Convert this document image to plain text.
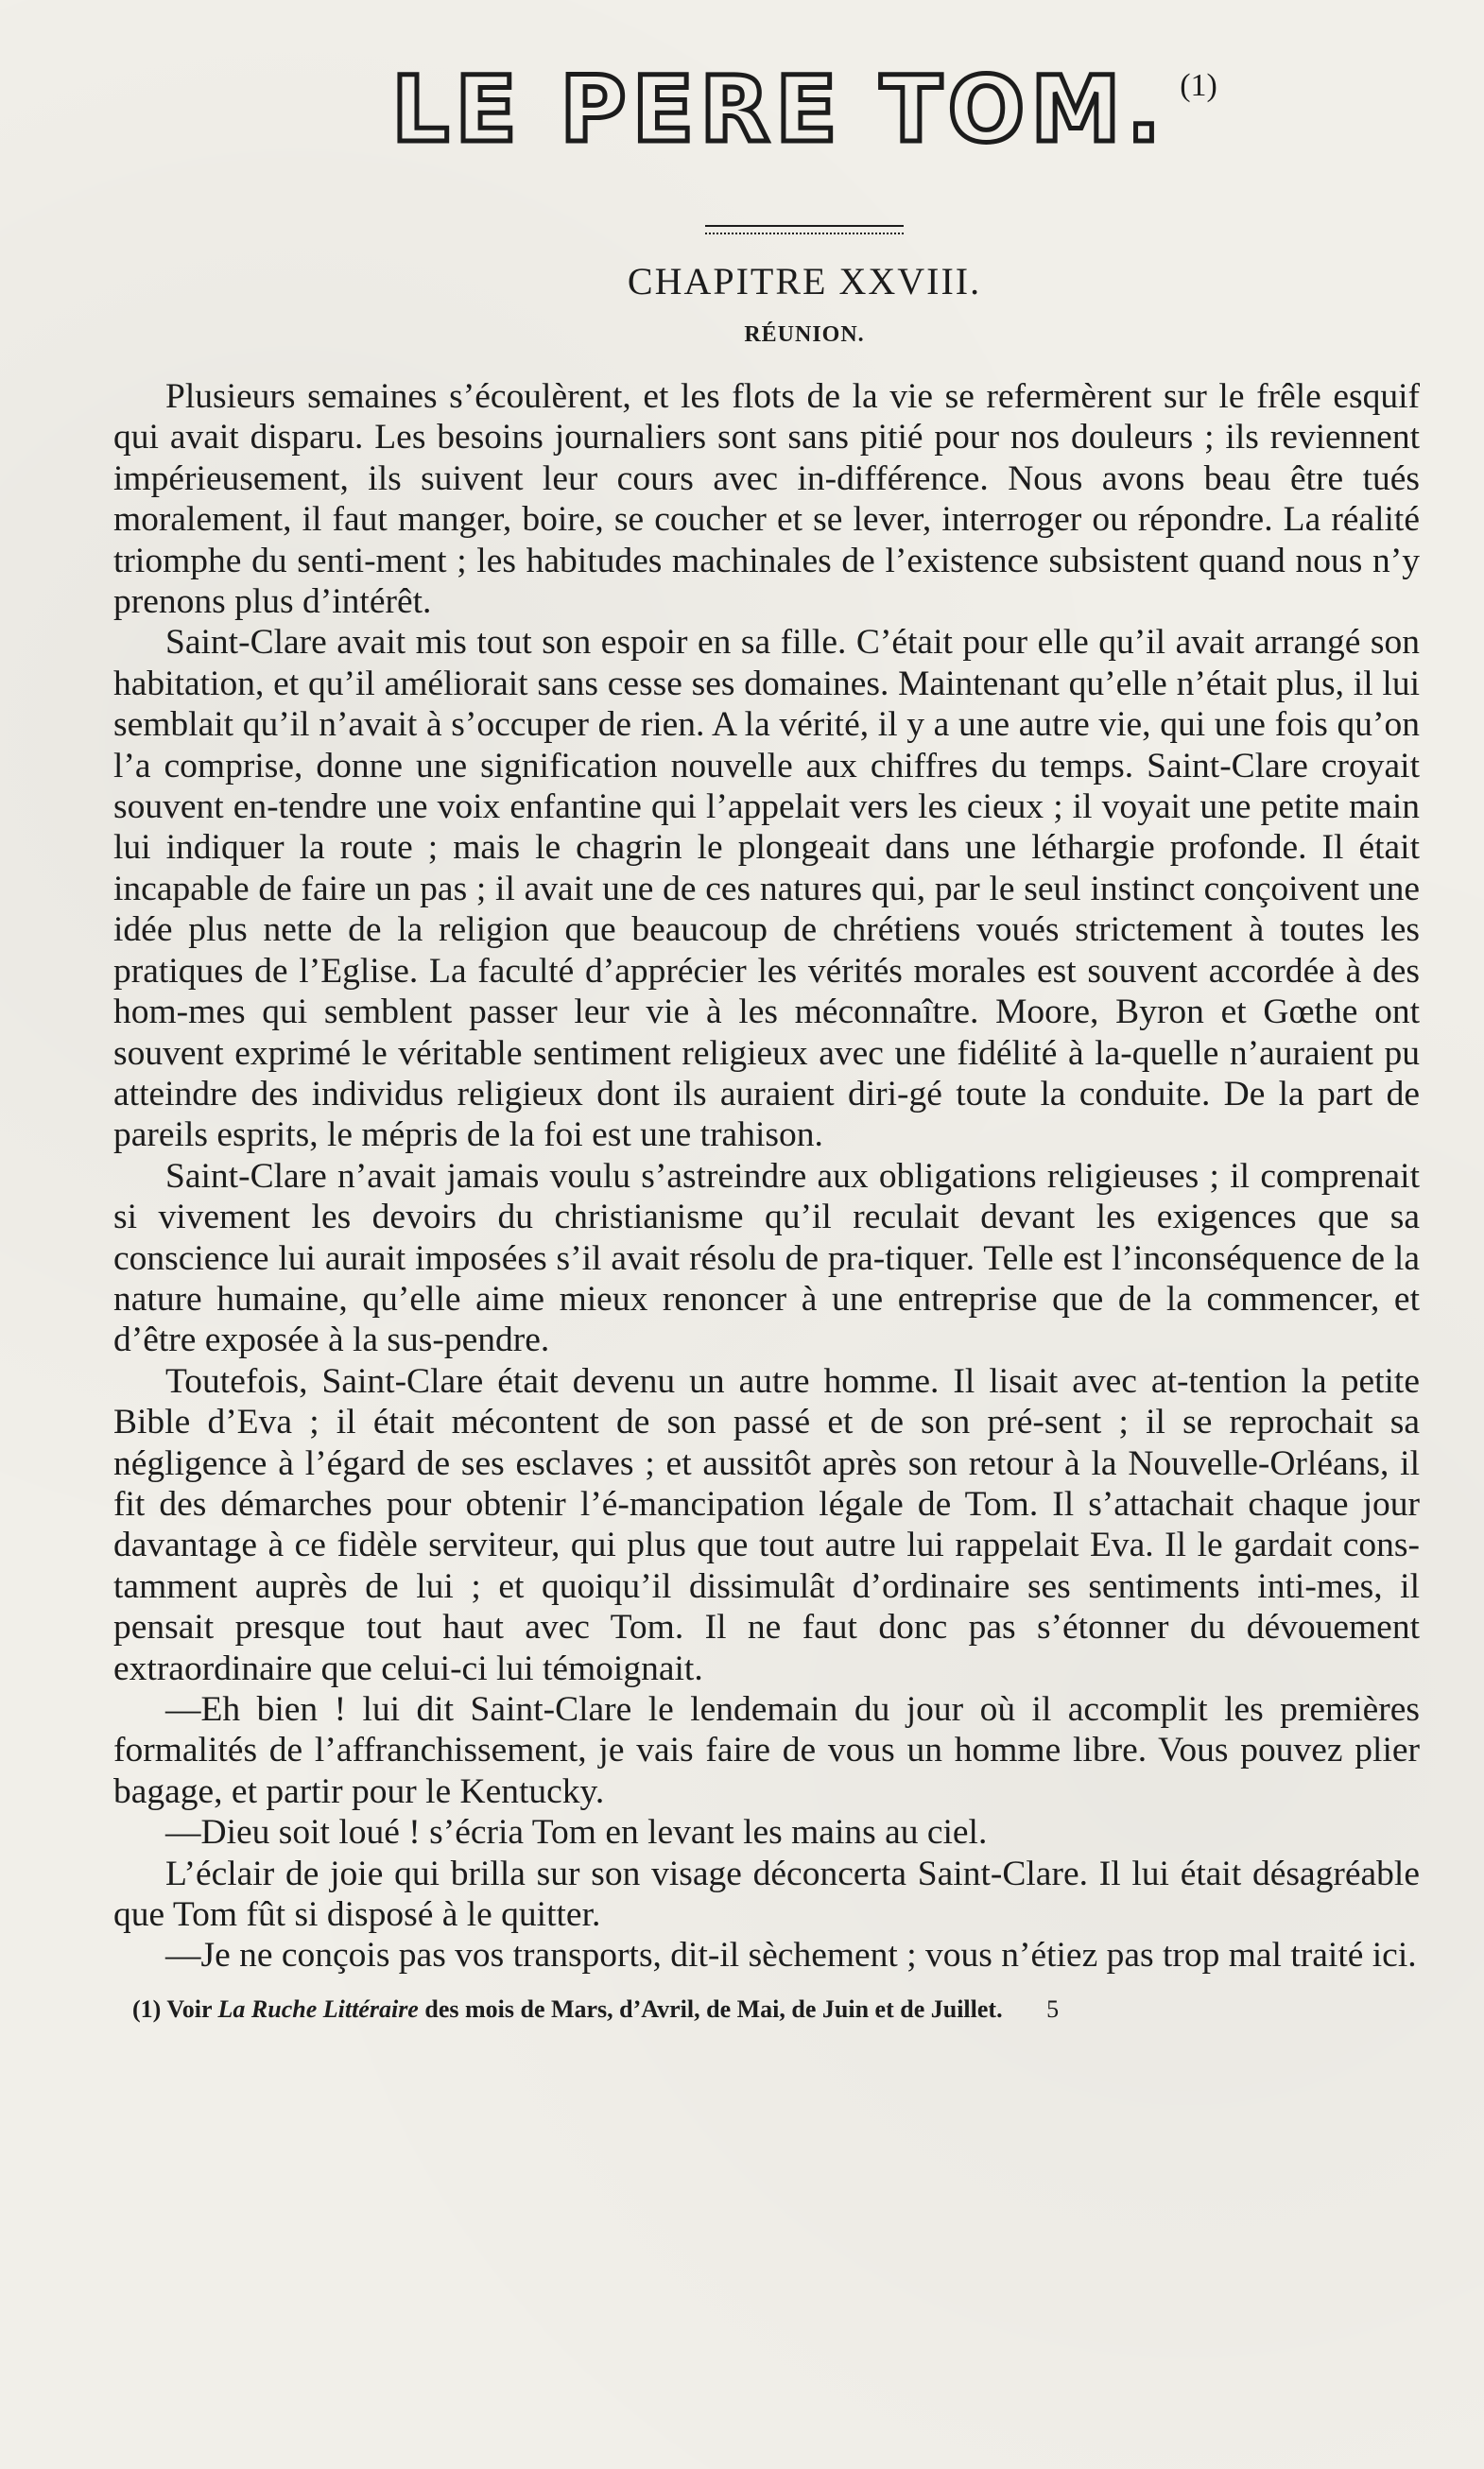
LE PERE TOM. (1)
CHAPITRE XXVIII.
RÉUNION.

Plusieurs semaines s’écoulèrent, et les flots de la vie se refermèrent sur le frêle esquif qui avait disparu. Les besoins journaliers sont sans pitié pour nos douleurs ; ils reviennent impérieusement, ils suivent leur cours avec in-différence. Nous avons beau être tués moralement, il faut manger, boire, se coucher et se lever, interroger ou répondre. La réalité triomphe du senti-ment ; les habitudes machinales de l’existence subsistent quand nous n’y prenons plus d’intérêt.

Saint-Clare avait mis tout son espoir en sa fille. C’était pour elle qu’il avait arrangé son habitation, et qu’il améliorait sans cesse ses domaines. Maintenant qu’elle n’était plus, il lui semblait qu’il n’avait à s’occuper de rien. A la vérité, il y a une autre vie, qui une fois qu’on l’a comprise, donne une signification nouvelle aux chiffres du temps. Saint-Clare croyait souvent en-tendre une voix enfantine qui l’appelait vers les cieux ; il voyait une petite main lui indiquer la route ; mais le chagrin le plongeait dans une léthargie profonde. Il était incapable de faire un pas ; il avait une de ces natures qui, par le seul instinct conçoivent une idée plus nette de la religion que beaucoup de chrétiens voués strictement à toutes les pratiques de l’Eglise. La faculté d’apprécier les vérités morales est souvent accordée à des hom-mes qui semblent passer leur vie à les méconnaître. Moore, Byron et Gœthe ont souvent exprimé le véritable sentiment religieux avec une fidélité à la-quelle n’auraient pu atteindre des individus religieux dont ils auraient diri-gé toute la conduite. De la part de pareils esprits, le mépris de la foi est une trahison.

Saint-Clare n’avait jamais voulu s’astreindre aux obligations religieuses ; il comprenait si vivement les devoirs du christianisme qu’il reculait devant les exigences que sa conscience lui aurait imposées s’il avait résolu de pra-tiquer. Telle est l’inconséquence de la nature humaine, qu’elle aime mieux renoncer à une entreprise que de la commencer, et d’être exposée à la sus-pendre.

Toutefois, Saint-Clare était devenu un autre homme. Il lisait avec at-tention la petite Bible d’Eva ; il était mécontent de son passé et de son pré-sent ; il se reprochait sa négligence à l’égard de ses esclaves ; et aussitôt après son retour à la Nouvelle-Orléans, il fit des démarches pour obtenir l’é-mancipation légale de Tom. Il s’attachait chaque jour davantage à ce fidèle serviteur, qui plus que tout autre lui rappelait Eva. Il le gardait cons-tamment auprès de lui ; et quoiqu’il dissimulât d’ordinaire ses sentiments inti-mes, il pensait presque tout haut avec Tom. Il ne faut donc pas s’étonner du dévouement extraordinaire que celui-ci lui témoignait.

—Eh bien ! lui dit Saint-Clare le lendemain du jour où il accomplit les premières formalités de l’affranchissement, je vais faire de vous un homme libre. Vous pouvez plier bagage, et partir pour le Kentucky.

—Dieu soit loué ! s’écria Tom en levant les mains au ciel.

L’éclair de joie qui brilla sur son visage déconcerta Saint-Clare. Il lui était désagréable que Tom fût si disposé à le quitter.

—Je ne conçois pas vos transports, dit-il sèchement ; vous n’étiez pas trop mal traité ici.

(1) Voir La Ruche Littéraire des mois de Mars, d’Avril, de Mai, de Juin et de Juillet. 5
